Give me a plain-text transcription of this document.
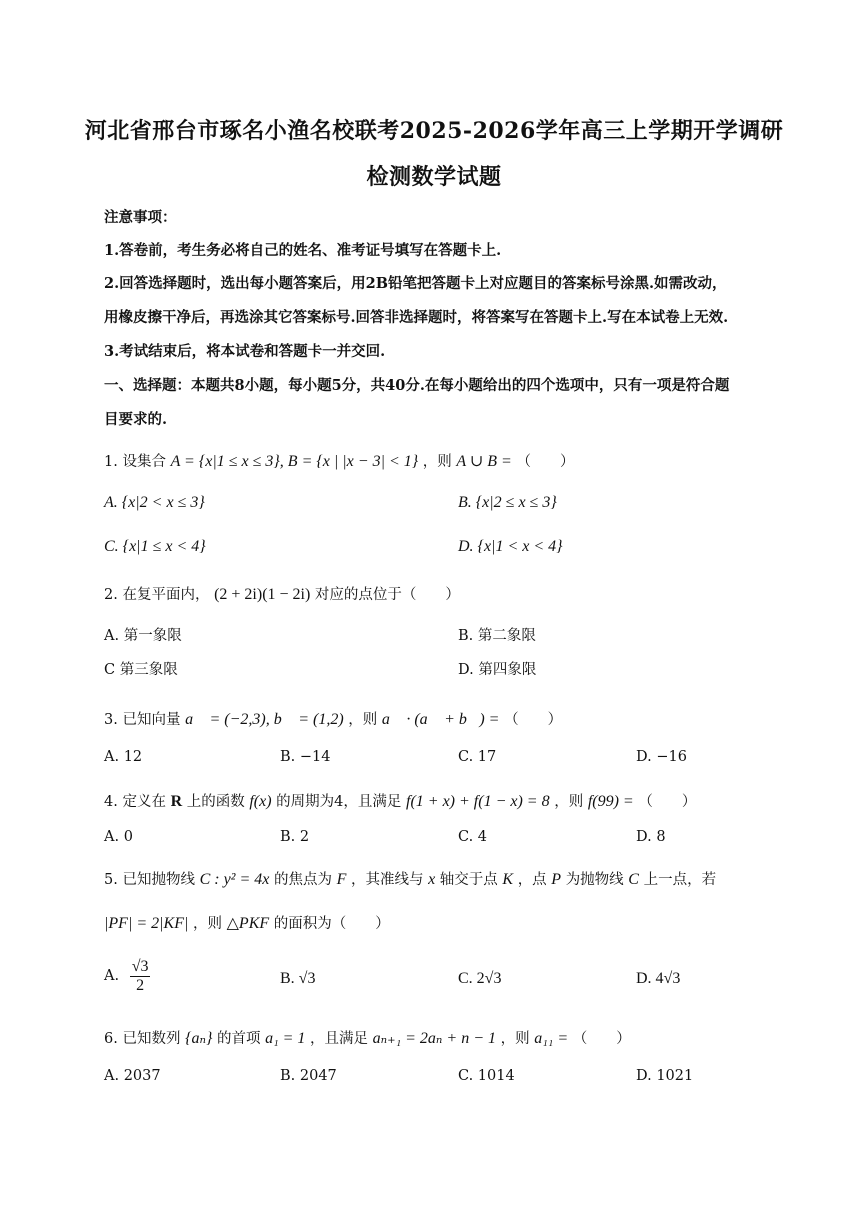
河北省邢台市琢名小渔名校联考2025-2026学年高三上学期开学调研
检测数学试题
注意事项：
1.答卷前，考生务必将自己的姓名、准考证号填写在答题卡上.
2.回答选择题时，选出每小题答案后，用2B铅笔把答题卡上对应题目的答案标号涂黑.如需改动，
用橡皮擦干净后，再选涂其它答案标号.回答非选择题时，将答案写在答题卡上.写在本试卷上无效.
3.考试结束后，将本试卷和答题卡一并交回.
一、选择题：本题共8小题，每小题5分，共40分.在每小题给出的四个选项中，只有一项是符合题
目要求的.
1. 设集合 A = {x|1 ≤ x ≤ 3}, B = {x | |x − 3| < 1} ，则 A ∪ B = （　　）
A. {x|2 < x ≤ 3}	B. {x|2 ≤ x ≤ 3}
C. {x|1 ≤ x < 4}	D. {x|1 < x < 4}
2. 在复平面内， (2 + 2i)(1 − 2i) 对应的点位于（　　）
A. 第一象限	B. 第二象限
C 第三象限	D. 第四象限
3. 已知向量 a⃗ = (−2,3), b⃗ = (1,2) ，则 a⃗ · (a⃗ + b⃗) = （　　）
A. 12	B. −14	C. 17	D. −16
4. 定义在 R 上的函数 f(x) 的周期为4，且满足 f(1 + x) + f(1 − x) = 8 ，则 f(99) = （　　）
A. 0	B. 2	C. 4	D. 8
5. 已知抛物线 C : y² = 4x 的焦点为 F ，其准线与 x 轴交于点 K ，点 P 为抛物线 C 上一点，若
|PF| = 2|KF| ，则 △PKF 的面积为（　　）
A. $\frac{√3}{2}$	B. √3	C. 2√3	D. 4√3
6. 已知数列 {aₙ} 的首项 a₁ = 1 ，且满足 aₙ₊₁ = 2aₙ + n − 1 ，则 a₁₁ = （　　）
A. 2037	B. 2047	C. 1014	D. 1021
